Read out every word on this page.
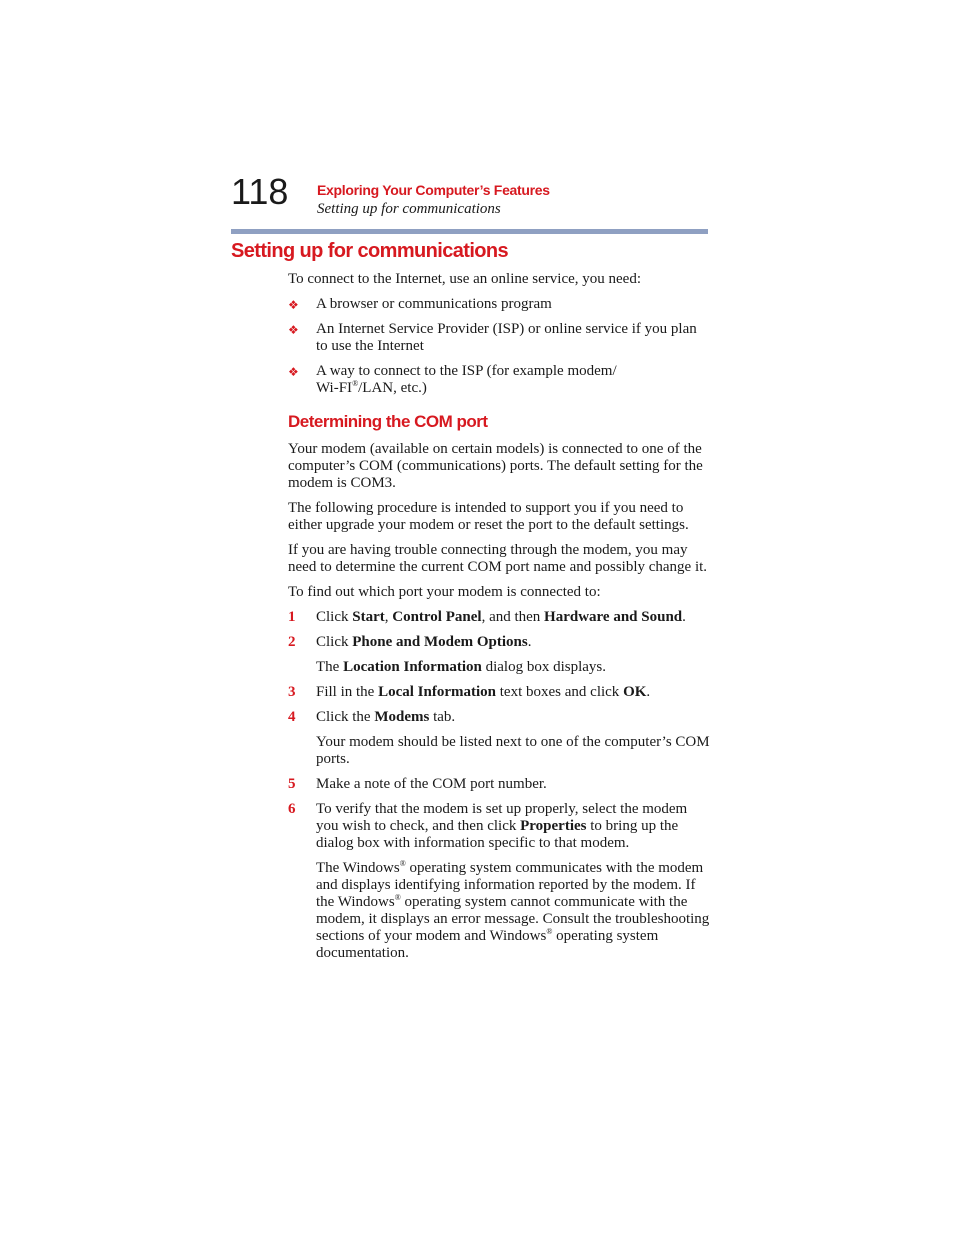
118 Exploring Your Computer’s Features
Setting up for communications
Setting up for communications

To connect to the Internet, use an online service, you need:

❖ A browser or communications program

❖ An Internet Service Provider (ISP) or online service if you plan to use the Internet

❖ A way to connect to the ISP (for example modem/
Wi-FI®/LAN, etc.)

Determining the COM port

Your modem (available on certain models) is connected to one of the computer’s COM (communications) ports. The default setting for the modem is COM3.

The following procedure is intended to support you if you need to either upgrade your modem or reset the port to the default settings.

If you are having trouble connecting through the modem, you may need to determine the current COM port name and possibly change it.

To find out which port your modem is connected to:

1 Click Start, Control Panel, and then Hardware and Sound.

2 Click Phone and Modem Options.

The Location Information dialog box displays.

3 Fill in the Local Information text boxes and click OK.

4 Click the Modems tab.

Your modem should be listed next to one of the computer’s COM ports.

5 Make a note of the COM port number.

6 To verify that the modem is set up properly, select the modem you wish to check, and then click Properties to bring up the dialog box with information specific to that modem.

The Windows® operating system communicates with the modem and displays identifying information reported by the modem. If the Windows® operating system cannot communicate with the modem, it displays an error message. Consult the troubleshooting sections of your modem and Windows® operating system documentation.
